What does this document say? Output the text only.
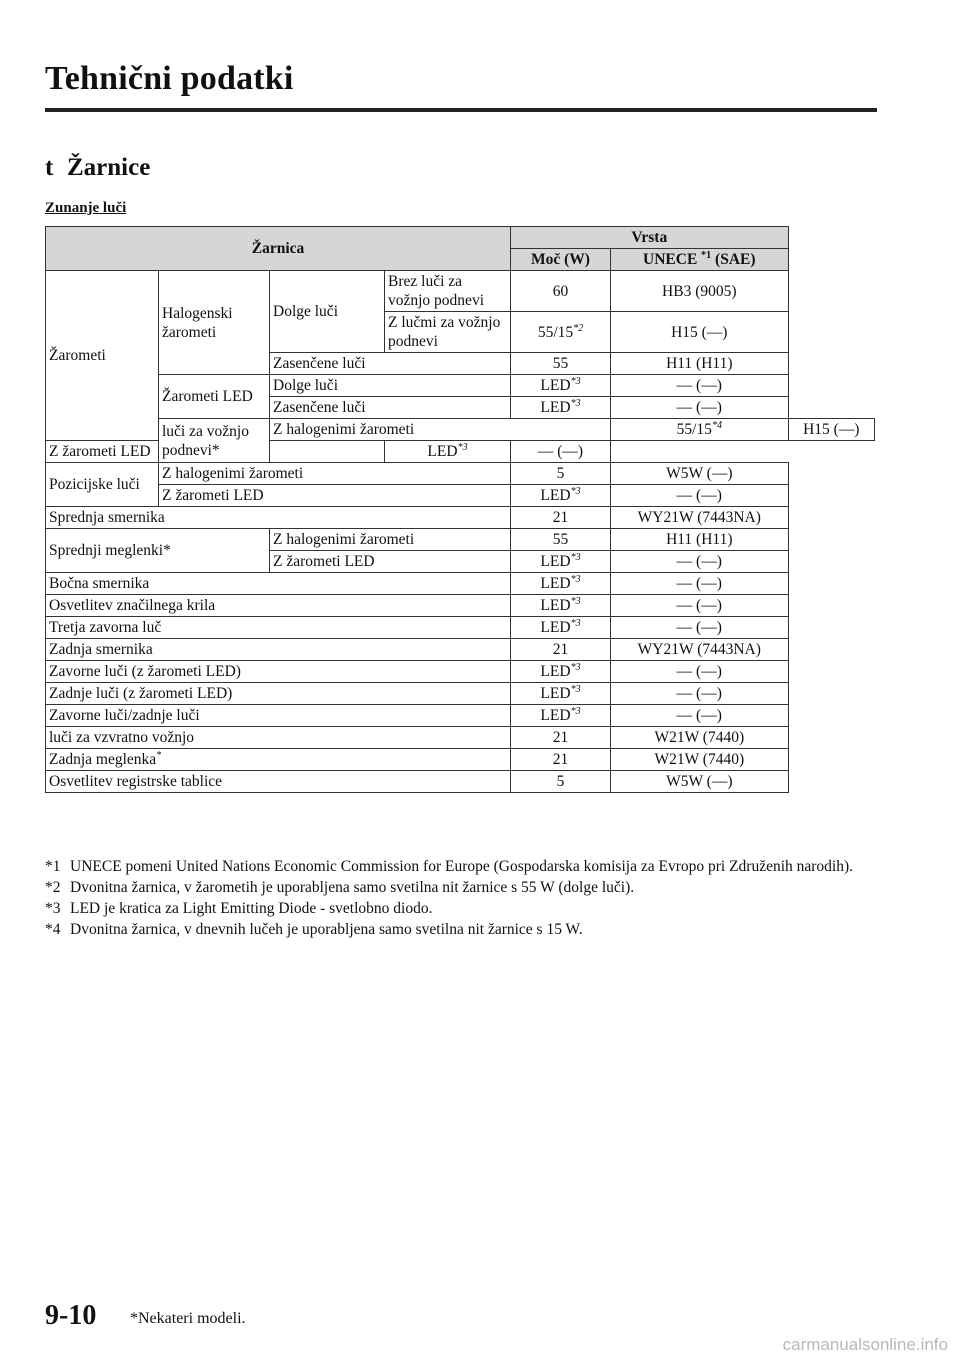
Tehnični podatki
t Žarnice
Zunanje luči
Žarnica				Vrsta		
				Moč (W)	UNECE $^{*1}$ (SAE)	
Žarometi	Halogenski žarometi	Dolge luči	Brez luči za vožnjo podnevi	60	HB3 (9005)	
			Z lučmi za vožnjo podnevi	55/15$^{*2}$	H15 (—)	
		Zasenčene luči		55	H11 (H11)	
	Žarometi LED	Dolge luči		LED$^{*3}$	— (—)	
		Zasenčene luči		LED$^{*3}$	— (—)	
	luči za vožnjo podnevi*	Z halogenimi žarometi			55/15$^{*4}$	H15 (—)
Z žarometi LED			LED$^{*3}$	— (—)		
Pozicijske luči	Z halogenimi žarometi			5	W5W (—)	
	Z žarometi LED			LED$^{*3}$	— (—)	
Sprednja smernika				21	WY21W (7443NA)	
Sprednji meglenki*		Z halogenimi žarometi		55	H11 (H11)	
		Z žarometi LED		LED$^{*3}$	— (—)	
Bočna smernika				LED$^{*3}$	— (—)	
Osvetlitev značilnega krila				LED$^{*3}$	— (—)	
Tretja zavorna luč				LED$^{*3}$	— (—)	
Zadnja smernika				21	WY21W (7443NA)	
Zavorne luči (z žarometi LED)				LED$^{*3}$	— (—)	
Zadnje luči (z žarometi LED)				LED$^{*3}$	— (—)	
Zavorne luči/zadnje luči				LED$^{*3}$	— (—)	
luči za vzvratno vožnjo				21	W21W (7440)	
Zadnja meglenka*				21	W21W (7440)	
Osvetlitev registrske tablice				5	W5W (—)	
*1 UNECE pomeni United Nations Economic Commission for Europe (Gospodarska komisija za Evropo pri Združenih narodih).
*2 Dvonitna žarnica, v žarometih je uporabljena samo svetilna nit žarnice s 55 W (dolge luči).
*3 LED je kratica za Light Emitting Diode - svetlobno diodo.
*4 Dvonitna žarnica, v dnevnih lučeh je uporabljena samo svetilna nit žarnice s 15 W.
9-10 *Nekateri modeli.
carmanualsonline.info
